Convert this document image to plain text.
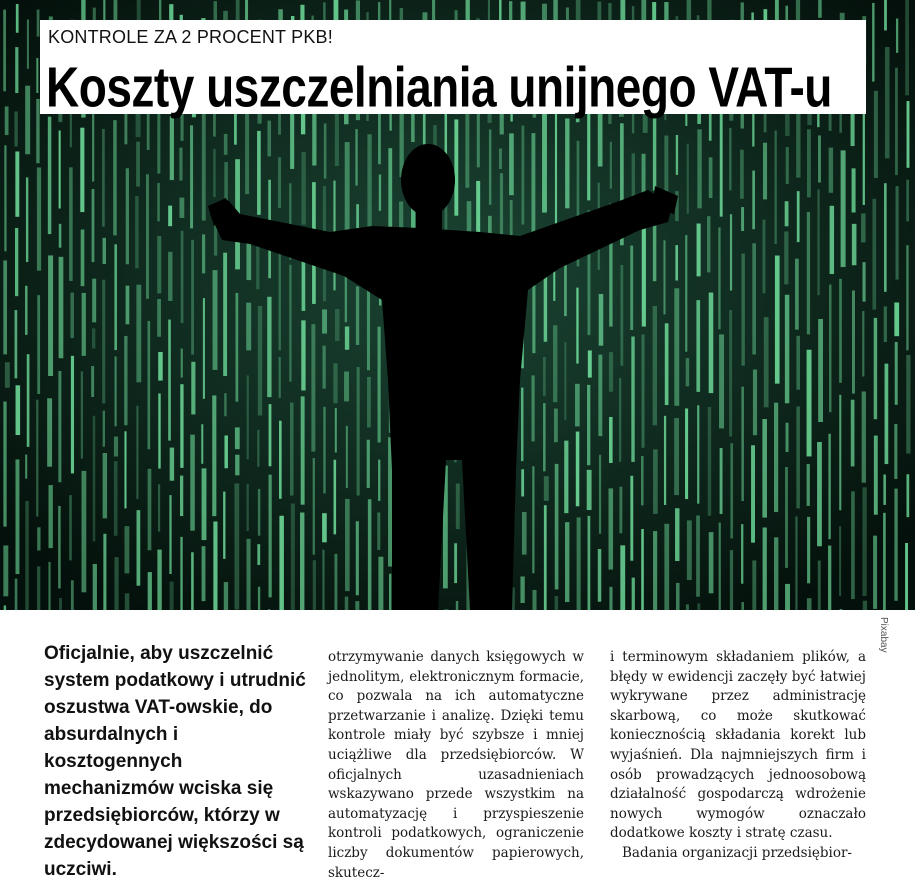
KONTROLE ZA 2 PROCENT PKB!
Koszty uszczelniania unijnego VAT-u
Pixabay

Oficjalnie, aby uszczelnić system podatkowy i utrudnić oszustwa VAT-owskie, do absurdalnych i kosztogennych mechanizmów wciska się przedsiębiorców, którzy w zdecydowanej większości są uczciwi.

otrzymywanie danych księgowych w jednolitym, elektronicznym formacie, co pozwala na ich automatyczne przetwarzanie i analizę. Dzięki temu kontrole miały być szybsze i mniej uciążliwe dla przedsiębiorców. W oficjalnych uzasadnieniach wskazywano przede wszystkim na automatyzację i przyspieszenie kontroli podatkowych, ograniczenie liczby dokumentów papierowych, skutecz-

i terminowym składaniem plików, a błędy w ewidencji zaczęły być łatwiej wykrywane przez administrację skarbową, co może skutkować koniecznością składania korekt lub wyjaśnień. Dla najmniejszych firm i osób prowadzących jednoosobową działalność gospodarczą wdrożenie nowych wymogów oznaczało dodatkowe koszty i stratę czasu.

Badania organizacji przedsiębior-
